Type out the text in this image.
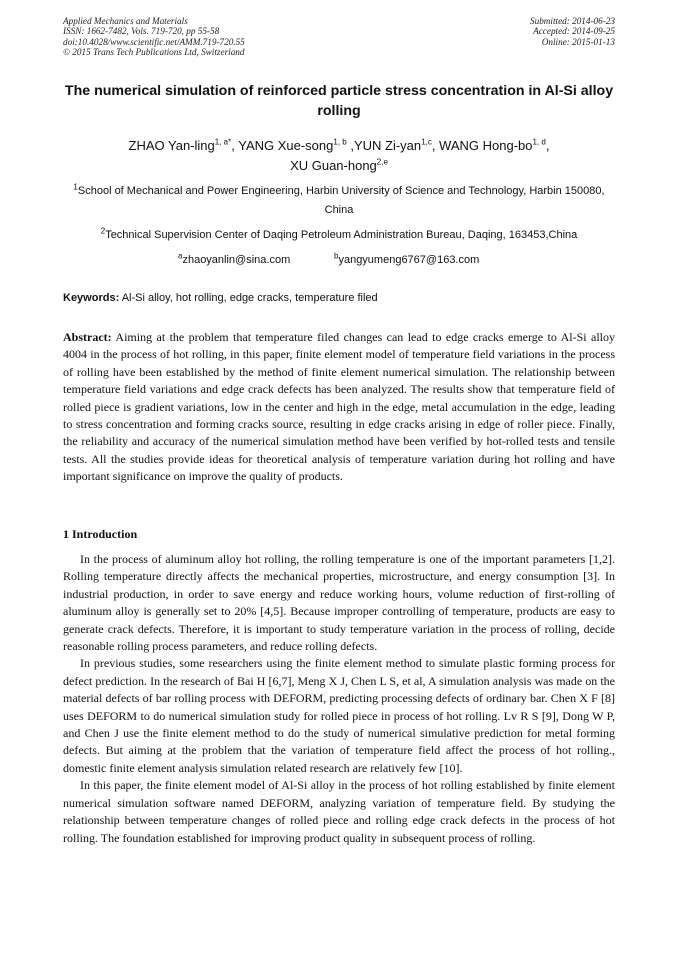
Applied Mechanics and Materials
ISSN: 1662-7482, Vols. 719-720, pp 55-58
doi:10.4028/www.scientific.net/AMM.719-720.55
© 2015 Trans Tech Publications Ltd, Switzerland
Submitted: 2014-06-23
Accepted: 2014-09-25
Online: 2015-01-13
The numerical simulation of reinforced particle stress concentration in Al-Si alloy rolling
ZHAO Yan-ling$^{1, a*}$, YANG Xue-song$^{1, b}$ ,YUN Zi-yan$^{1,c}$, WANG Hong-bo$^{1, d}$,
XU Guan-hong$^{2,e}$
$^1$School of Mechanical and Power Engineering, Harbin University of Science and Technology, Harbin 150080, China
$^2$Technical Supervision Center of Daqing Petroleum Administration Bureau, Daqing, 163453,China
$^a$zhaoyanlin@sina.com	$^b$yangyumeng6767@163.com
Keywords: Al-Si alloy, hot rolling, edge cracks, temperature filed
Abstract: Aiming at the problem that temperature filed changes can lead to edge cracks emerge to Al-Si alloy 4004 in the process of hot rolling, in this paper, finite element model of temperature field variations in the process of rolling have been established by the method of finite element numerical simulation. The relationship between temperature field variations and edge crack defects has been analyzed. The results show that temperature field of rolled piece is gradient variations, low in the center and high in the edge, metal accumulation in the edge, leading to stress concentration and forming cracks source, resulting in edge cracks arising in edge of roller piece. Finally, the reliability and accuracy of the numerical simulation method have been verified by hot-rolled tests and tensile tests. All the studies provide ideas for theoretical analysis of temperature variation during hot rolling and have important significance on improve the quality of products.
1 Introduction

In the process of aluminum alloy hot rolling, the rolling temperature is one of the important parameters [1,2]. Rolling temperature directly affects the mechanical properties, microstructure, and energy consumption [3]. In industrial production, in order to save energy and reduce working hours, volume reduction of first-rolling of aluminum alloy is generally set to 20% [4,5]. Because improper controlling of temperature, products are easy to generate crack defects. Therefore, it is important to study temperature variation in the process of rolling, decide reasonable rolling process parameters, and reduce rolling defects.

In previous studies, some researchers using the finite element method to simulate plastic forming process for defect prediction. In the research of Bai H [6,7], Meng X J, Chen L S, et al, A simulation analysis was made on the material defects of bar rolling process with DEFORM, predicting processing defects of ordinary bar. Chen X F [8] uses DEFORM to do numerical simulation study for rolled piece in process of hot rolling. Lv R S [9], Dong W P, and Chen J use the finite element method to do the study of numerical simulative prediction for metal forming defects. But aiming at the problem that the variation of temperature field affect the process of hot rolling., domestic finite element analysis simulation related research are relatively few [10].

In this paper, the finite element model of Al-Si alloy in the process of hot rolling established by finite element numerical simulation software named DEFORM, analyzing variation of temperature field. By studying the relationship between temperature changes of rolled piece and rolling edge crack defects in the process of hot rolling. The foundation established for improving product quality in subsequent process of rolling.
